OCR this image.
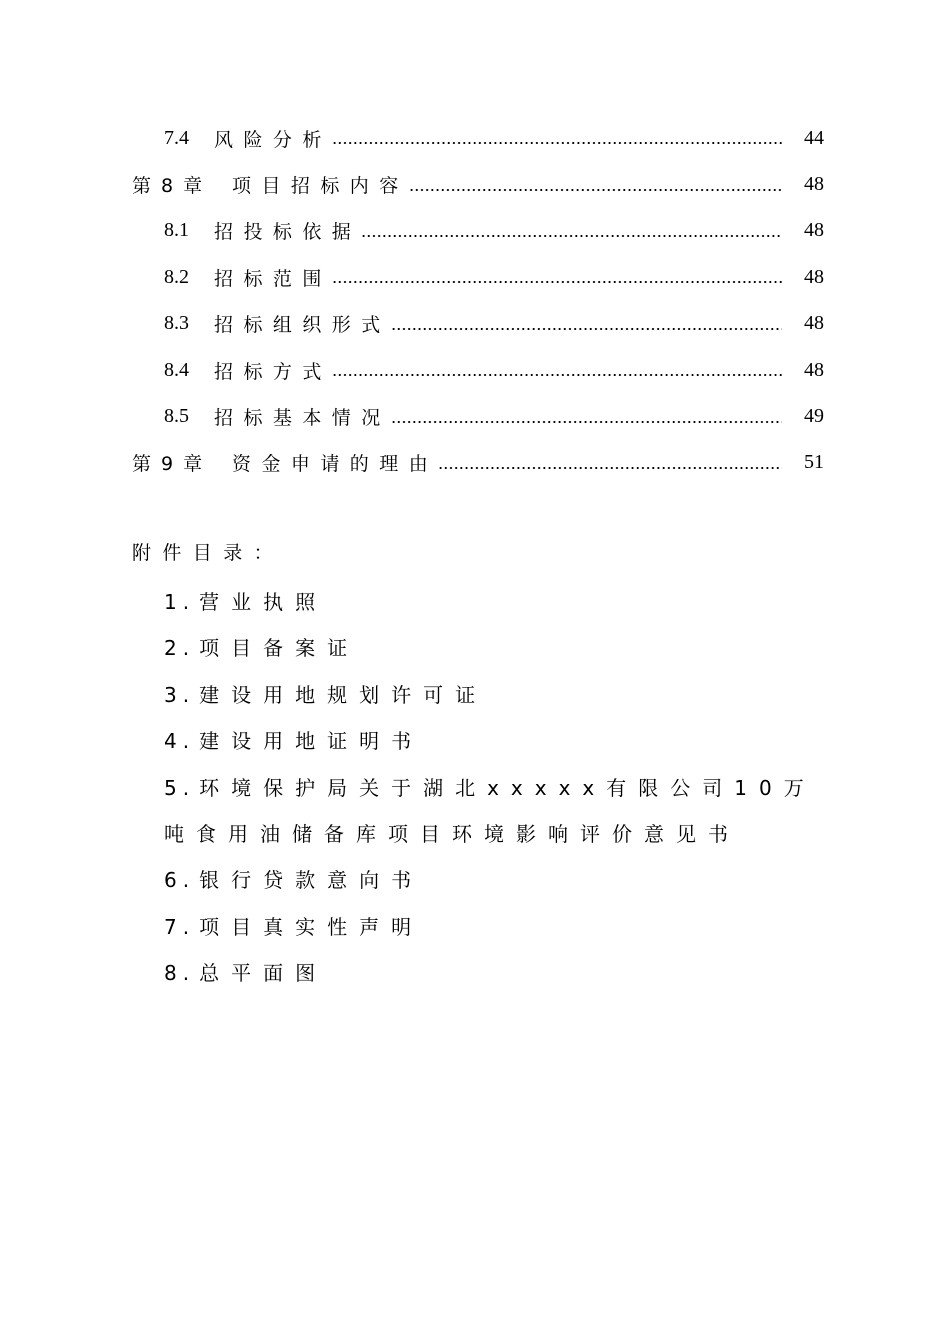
7.4	风险分析	44
第 8 章	项目招标内容	48
8.1	招投标依据	48
8.2	招标范围	48
8.3	招标组织形式	48
8.4	招标方式	48
8.5	招标基本情况	49
第 9 章	资金申请的理由	51
附件目录：

1. 营业执照

2. 项目备案证

3. 建设用地规划许可证

4. 建设用地证明书

5. 环境保护局关于湖北xxxxx有限公司10万吨食用油储备库项目环境影响评价意见书

6. 银行贷款意向书

7. 项目真实性声明

8. 总平面图
